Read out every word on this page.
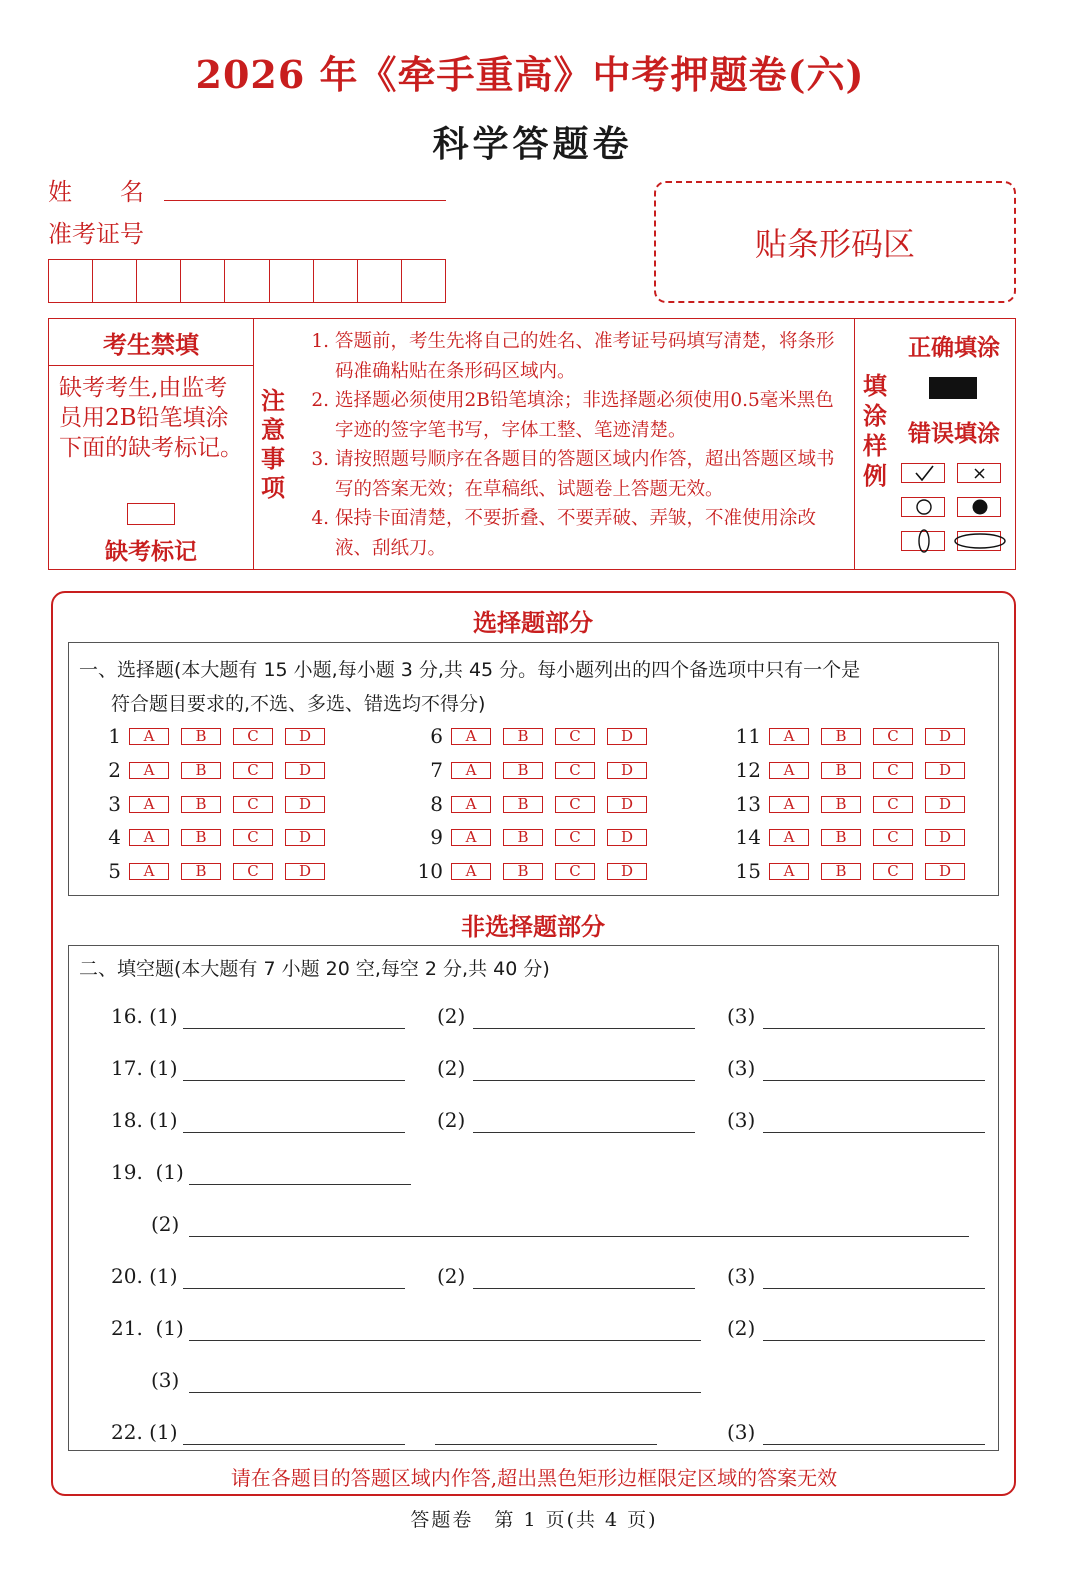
2026 年《牵手重高》中考押题卷(六)
科学答题卷
姓　　名
准考证号	贴条形码区
考生禁填
缺考考生,由监考员用2B铅笔填涂下面的缺考标记。
缺考标记
注意事项
1. 答题前，考生先将自己的姓名、准考证号码填写清楚，将条形码准确粘贴在条形码区域内。
2. 选择题必须使用2B铅笔填涂；非选择题必须使用0.5毫米黑色字迹的签字笔书写，字体工整、笔迹清楚。
3. 请按照题号顺序在各题目的答题区域内作答，超出答题区域书写的答案无效；在草稿纸、试题卷上答题无效。
4. 保持卡面清楚，不要折叠、不要弄破、弄皱，不准使用涂改液、刮纸刀。
填涂样例
正确填涂
错误填涂
选择题部分
一、选择题(本大题有 15 小题,每小题 3 分,共 45 分。每小题列出的四个备选项中只有一个是
符合题目要求的,不选、多选、错选均不得分)
1	A	B	C	D
2	A	B	C	D
3	A	B	C	D
4	A	B	C	D
5	A	B	C	D
6	A	B	C	D
7	A	B	C	D
8	A	B	C	D
9	A	B	C	D
10	A	B	C	D
11	A	B	C	D
12	A	B	C	D
13	A	B	C	D
14	A	B	C	D
15	A	B	C	D
非选择题部分
二、填空题(本大题有 7 小题 20 空,每空 2 分,共 40 分)
16. (1)	(2)	(3)
17. (1)	(2)	(3)
18. (1)	(2)	(3)
19.  (1)
(2)
20. (1)	(2)	(3)
21.  (1)	(2)
(3)
22. (1)	(3)
请在各题目的答题区域内作答,超出黑色矩形边框限定区域的答案无效
答题卷　第 1 页(共 4 页)
